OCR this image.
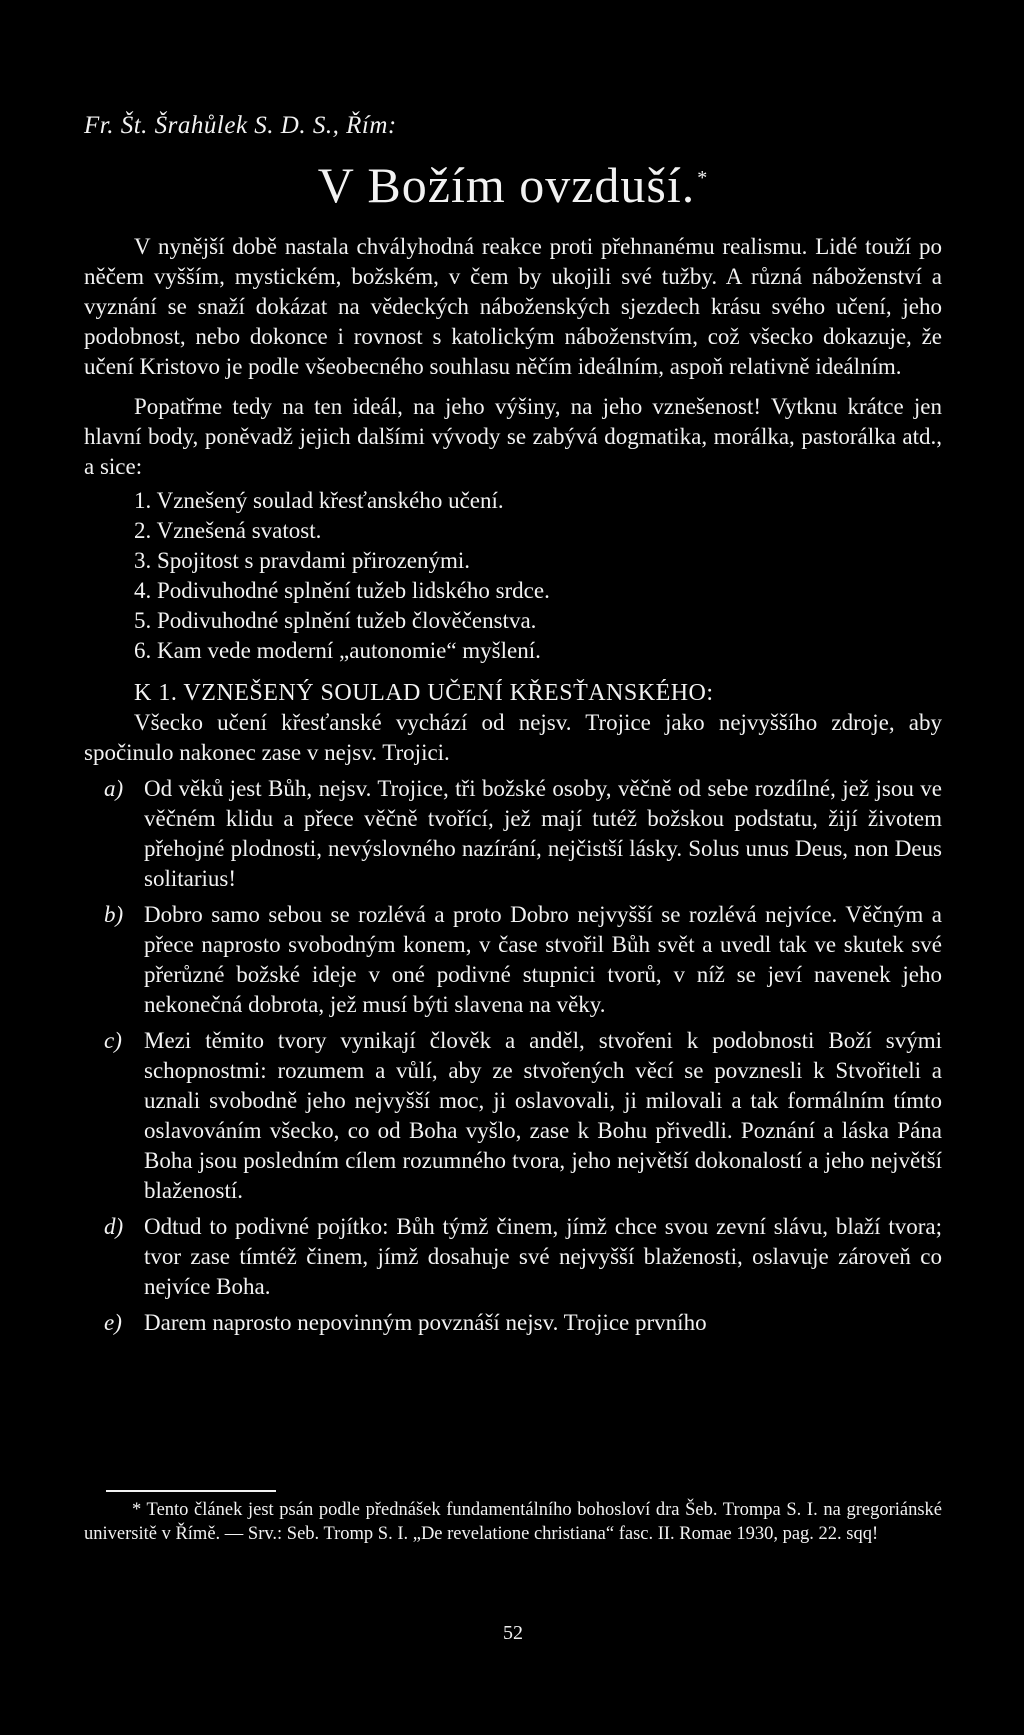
Fr. Št. Šrahůlek S. D. S., Řím:
V Božím ovzduší. *

V nynější době nastala chvályhodná reakce proti přehnanému realismu. Lidé touží po něčem vyšším, mystickém, božském, v čem by ukojili své tužby. A různá náboženství a vyznání se snaží dokázat na vědeckých náboženských sjezdech krásu svého učení, jeho podobnost, nebo dokonce i rovnost s katolickým náboženstvím, což všecko dokazuje, že učení Kristovo je podle všeobecného souhlasu něčím ideálním, aspoň relativně ideálním.

Popatřme tedy na ten ideál, na jeho výšiny, na jeho vznešenost! Vytknu krátce jen hlavní body, poněvadž jejich dalšími vývody se zabývá dogmatika, morálka, pastorálka atd., a sice:

1. Vznešený soulad křesťanského učení.
2. Vznešená svatost.
3. Spojitost s pravdami přirozenými.
4. Podivuhodné splnění tužeb lidského srdce.
5. Podivuhodné splnění tužeb člověčenstva.
6. Kam vede moderní „autonomie“ myšlení.
K 1. VZNEŠENÝ SOULAD UČENÍ KŘESŤANSKÉHO:

Všecko učení křesťanské vychází od nejsv. Trojice jako nejvyššího zdroje, aby spočinulo nakonec zase v nejsv. Trojici.

a) Od věků jest Bůh, nejsv. Trojice, tři božské osoby, věčně od sebe rozdílné, jež jsou ve věčném klidu a přece věčně tvořící, jež mají tutéž božskou podstatu, žijí životem přehojné plodnosti, nevýslovného nazírání, nejčistší lásky. Solus unus Deus, non Deus solitarius!
b) Dobro samo sebou se rozlévá a proto Dobro nejvyšší se rozlévá nejvíce. Věčným a přece naprosto svobodným konem, v čase stvořil Bůh svět a uvedl tak ve skutek své přerůzné božské ideje v oné podivné stupnici tvorů, v níž se jeví navenek jeho nekonečná dobrota, jež musí býti slavena na věky.
c) Mezi těmito tvory vynikají člověk a anděl, stvořeni k podobnosti Boží svými schopnostmi: rozumem a vůlí, aby ze stvořených věcí se povznesli k Stvořiteli a uznali svobodně jeho nejvyšší moc, ji oslavovali, ji milovali a tak formálním tímto oslavováním všecko, co od Boha vyšlo, zase k Bohu přivedli. Poznání a láska Pána Boha jsou posledním cílem rozumného tvora, jeho největší dokonalostí a jeho největší blažeností.
d) Odtud to podivné pojítko: Bůh týmž činem, jímž chce svou zevní slávu, blaží tvora; tvor zase tímtéž činem, jímž dosahuje své nejvyšší blaženosti, oslavuje zároveň co nejvíce Boha.
e) Darem naprosto nepovinným povznáší nejsv. Trojice prvního

* Tento článek jest psán podle přednášek fundamentálního bohosloví dra Šeb. Trompa S. I. na gregoriánské universitě v Římě. — Srv.: Seb. Tromp S. I. „De revelatione christiana“ fasc. II. Romae 1930, pag. 22. sqq!

52
